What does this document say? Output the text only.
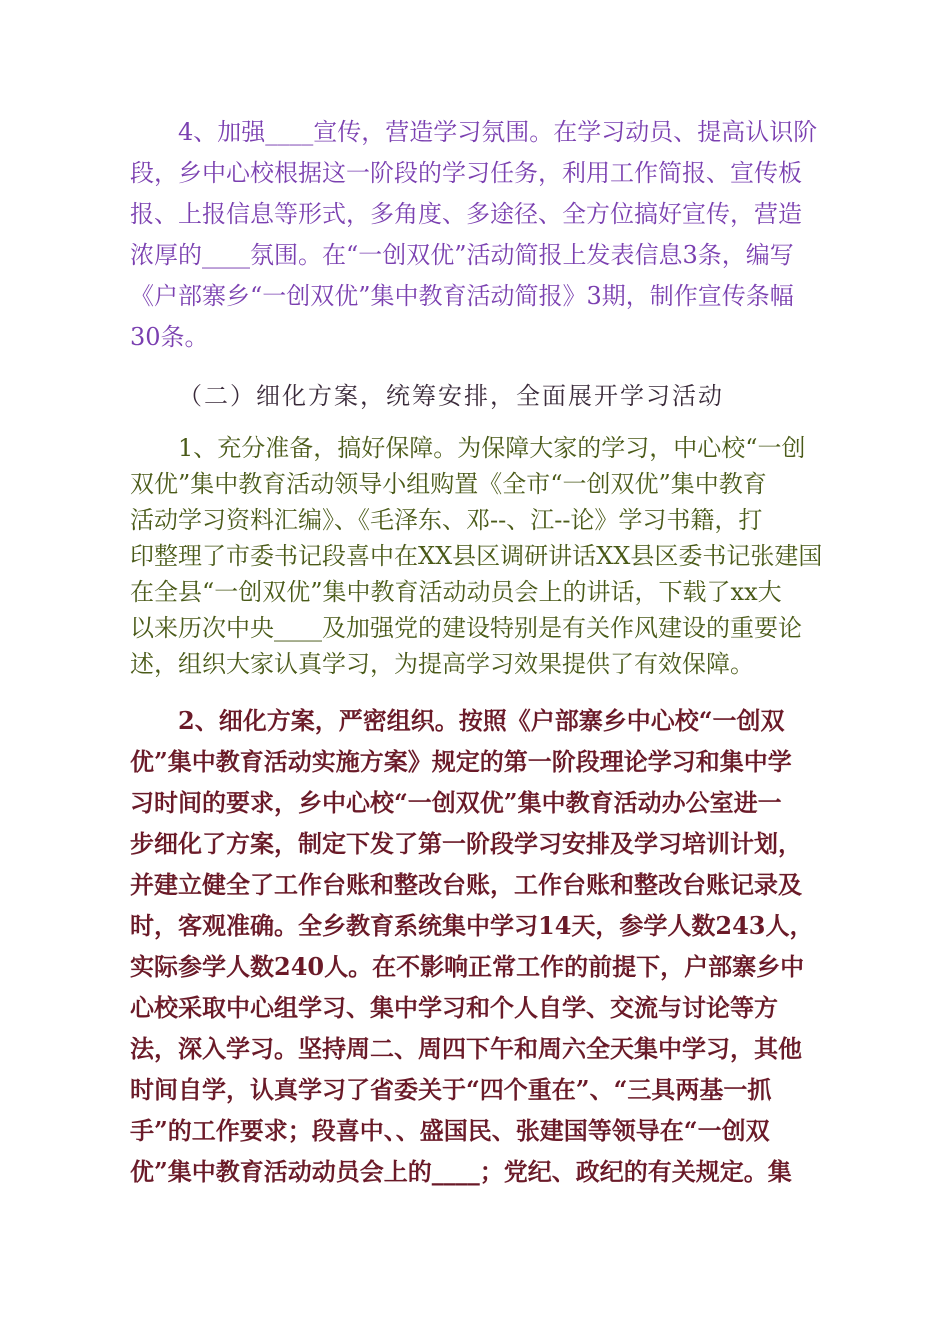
4、加强____宣传，营造学习氛围。在学习动员、提高认识阶
段，乡中心校根据这一阶段的学习任务，利用工作简报、宣传板
报、上报信息等形式，多角度、多途径、全方位搞好宣传，营造
浓厚的____氛围。在“一创双优”活动简报上发表信息3条，编写
《户部寨乡“一创双优”集中教育活动简报》3期，制作宣传条幅
30条。
（二）细化方案，统筹安排，全面展开学习活动
1、充分准备，搞好保障。为保障大家的学习，中心校“一创
双优”集中教育活动领导小组购置《全市“一创双优”集中教育
活动学习资料汇编》、《毛泽东、邓--、江--论》学习书籍，打
印整理了市委书记段喜中在XX县区调研讲话XX县区委书记张建国
在全县“一创双优”集中教育活动动员会上的讲话，下载了xx大
以来历次中央____及加强党的建设特别是有关作风建设的重要论
述，组织大家认真学习，为提高学习效果提供了有效保障。
2、细化方案，严密组织。按照《户部寨乡中心校“一创双
优”集中教育活动实施方案》规定的第一阶段理论学习和集中学
习时间的要求，乡中心校“一创双优”集中教育活动办公室进一
步细化了方案，制定下发了第一阶段学习安排及学习培训计划，
并建立健全了工作台账和整改台账，工作台账和整改台账记录及
时，客观准确。全乡教育系统集中学习14天，参学人数243人，
实际参学人数240人。在不影响正常工作的前提下，户部寨乡中
心校采取中心组学习、集中学习和个人自学、交流与讨论等方
法，深入学习。坚持周二、周四下午和周六全天集中学习，其他
时间自学，认真学习了省委关于“四个重在”、“三具两基一抓
手”的工作要求；段喜中、、盛国民、张建国等领导在“一创双
优”集中教育活动动员会上的____；党纪、政纪的有关规定。集
